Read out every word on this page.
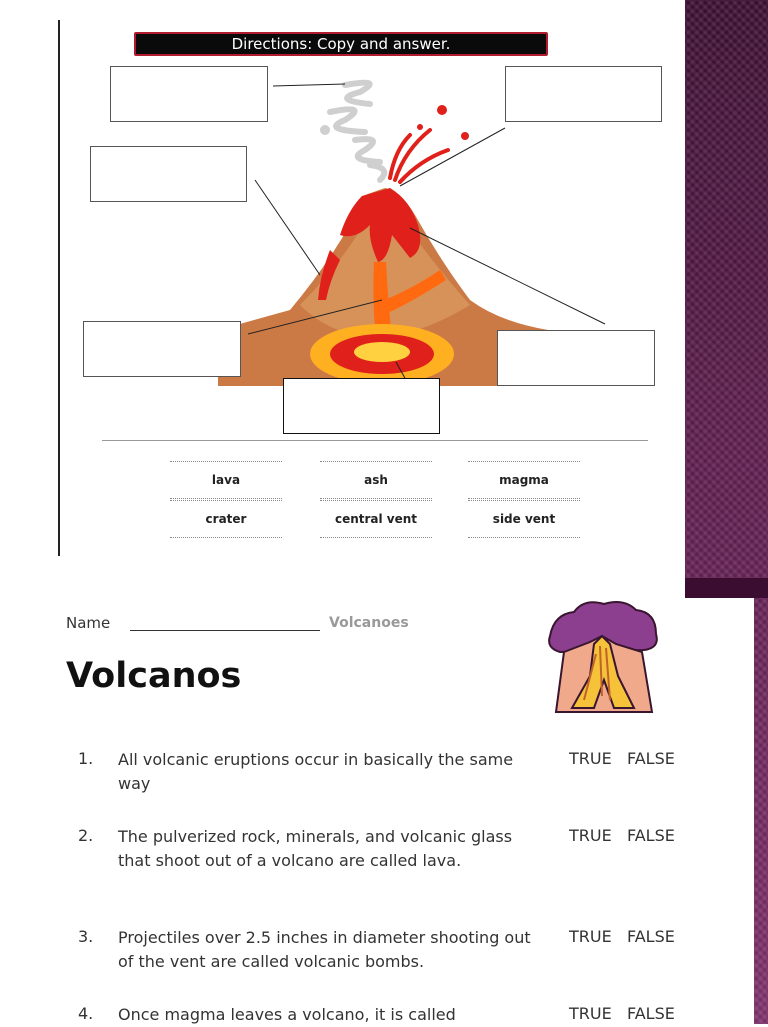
Directions: Copy and answer.
lava	ash	magma
crater	central vent	side vent
Name	Volcanoes
Volcanos
1. All volcanic eruptions occur in basically the same way
TRUE FALSE
2. The pulverized rock, minerals, and volcanic glass that shoot out of a volcano are called lava.
TRUE FALSE
3. Projectiles over 2.5 inches in diameter shooting out of the vent are called volcanic bombs.
TRUE FALSE
4. Once magma leaves a volcano, it is called	TRUE FALSE
